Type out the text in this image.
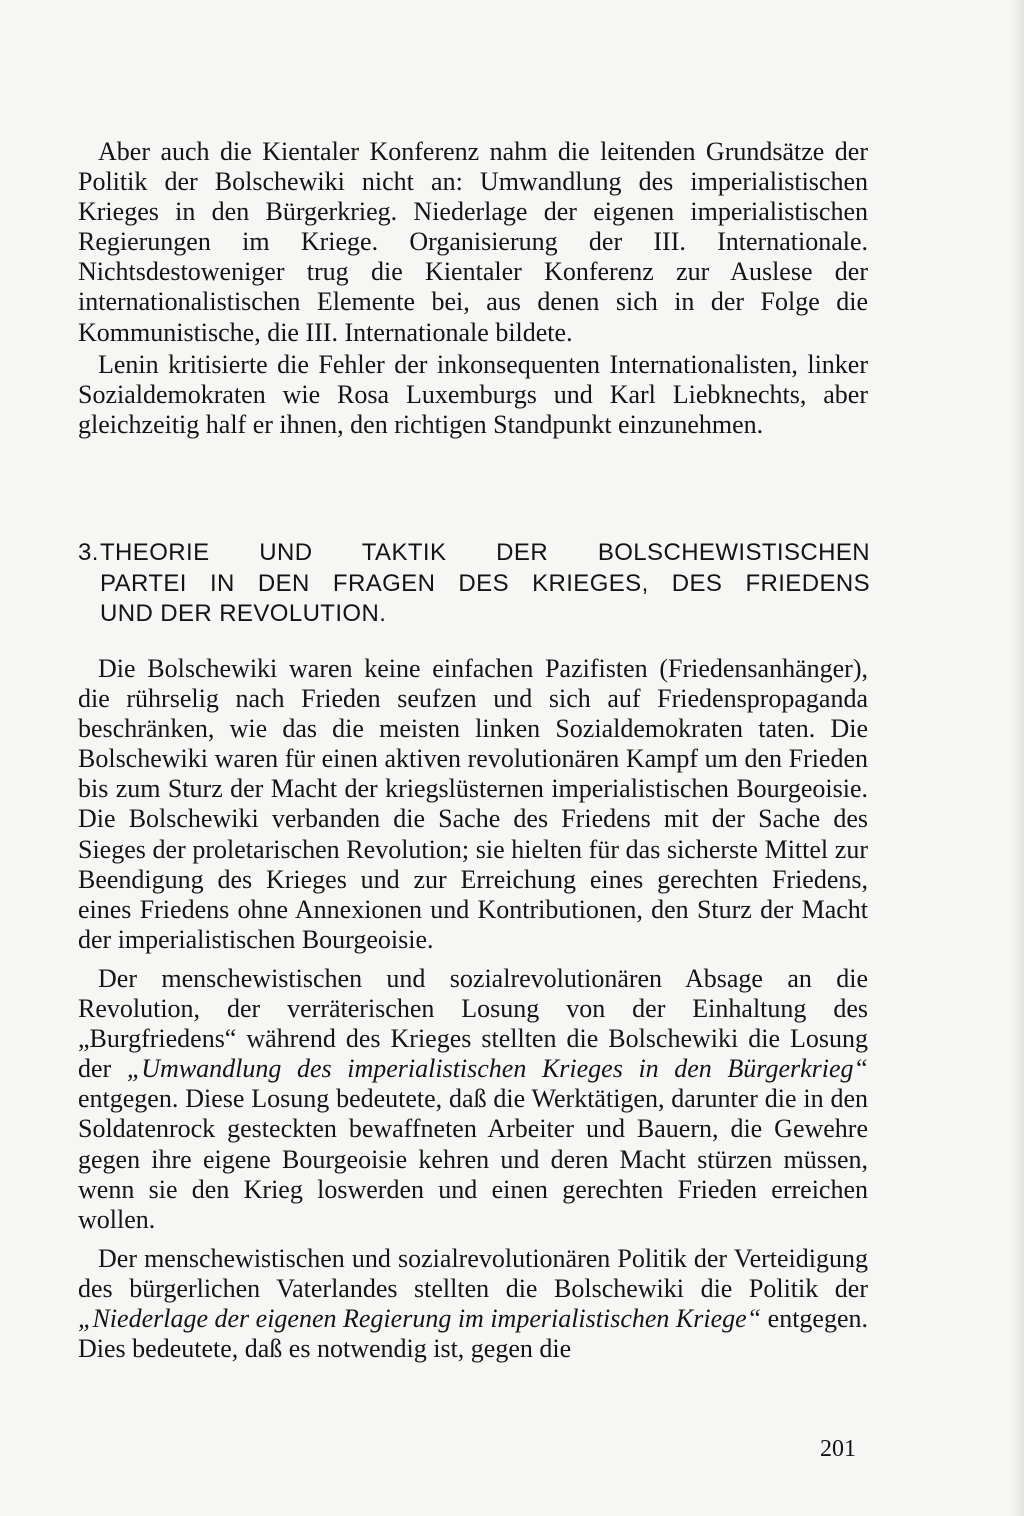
Aber auch die Kientaler Konferenz nahm die leitenden Grundsätze der Politik der Bolschewiki nicht an: Umwandlung des imperialistischen Krieges in den Bürgerkrieg. Niederlage der eigenen imperialistischen Regierungen im Kriege. Organisierung der III. Internationale. Nichtsdestoweniger trug die Kientaler Konferenz zur Auslese der internationalistischen Elemente bei, aus denen sich in der Folge die Kommunistische, die III. Internationale bildete.

Lenin kritisierte die Fehler der inkonsequenten Internationalisten, linker Sozialdemokraten wie Rosa Luxemburgs und Karl Liebknechts, aber gleichzeitig half er ihnen, den richtigen Standpunkt einzunehmen.

3.THEORIE UND TAKTIK DER BOLSCHEWISTISCHEN
PARTEI IN DEN FRAGEN DES KRIEGES, DES FRIEDENS
UND DER REVOLUTION.

Die Bolschewiki waren keine einfachen Pazifisten (Friedensanhänger), die rührselig nach Frieden seufzen und sich auf Friedenspropaganda beschränken, wie das die meisten linken Sozialdemokraten taten. Die Bolschewiki waren für einen aktiven revolutionären Kampf um den Frieden bis zum Sturz der Macht der kriegslüsternen imperialistischen Bourgeoisie. Die Bolschewiki verbanden die Sache des Friedens mit der Sache des Sieges der proletarischen Revolution; sie hielten für das sicherste Mittel zur Beendigung des Krieges und zur Erreichung eines gerechten Friedens, eines Friedens ohne Annexionen und Kontributionen, den Sturz der Macht der imperialistischen Bourgeoisie.

Der menschewistischen und sozialrevolutionären Absage an die Revolution, der verräterischen Losung von der Einhaltung des „Burgfriedens“ während des Krieges stellten die Bolschewiki die Losung der „Umwandlung des imperialistischen Krieges in den Bürgerkrieg“ entgegen. Diese Losung bedeutete, daß die Werktätigen, darunter die in den Soldatenrock gesteckten bewaffneten Arbeiter und Bauern, die Gewehre gegen ihre eigene Bourgeoisie kehren und deren Macht stürzen müssen, wenn sie den Krieg loswerden und einen gerechten Frieden erreichen wollen.

Der menschewistischen und sozialrevolutionären Politik der Verteidigung des bürgerlichen Vaterlandes stellten die Bolschewiki die Politik der „Niederlage der eigenen Regierung im imperialistischen Kriege“ entgegen. Dies bedeutete, daß es notwendig ist, gegen die

201
